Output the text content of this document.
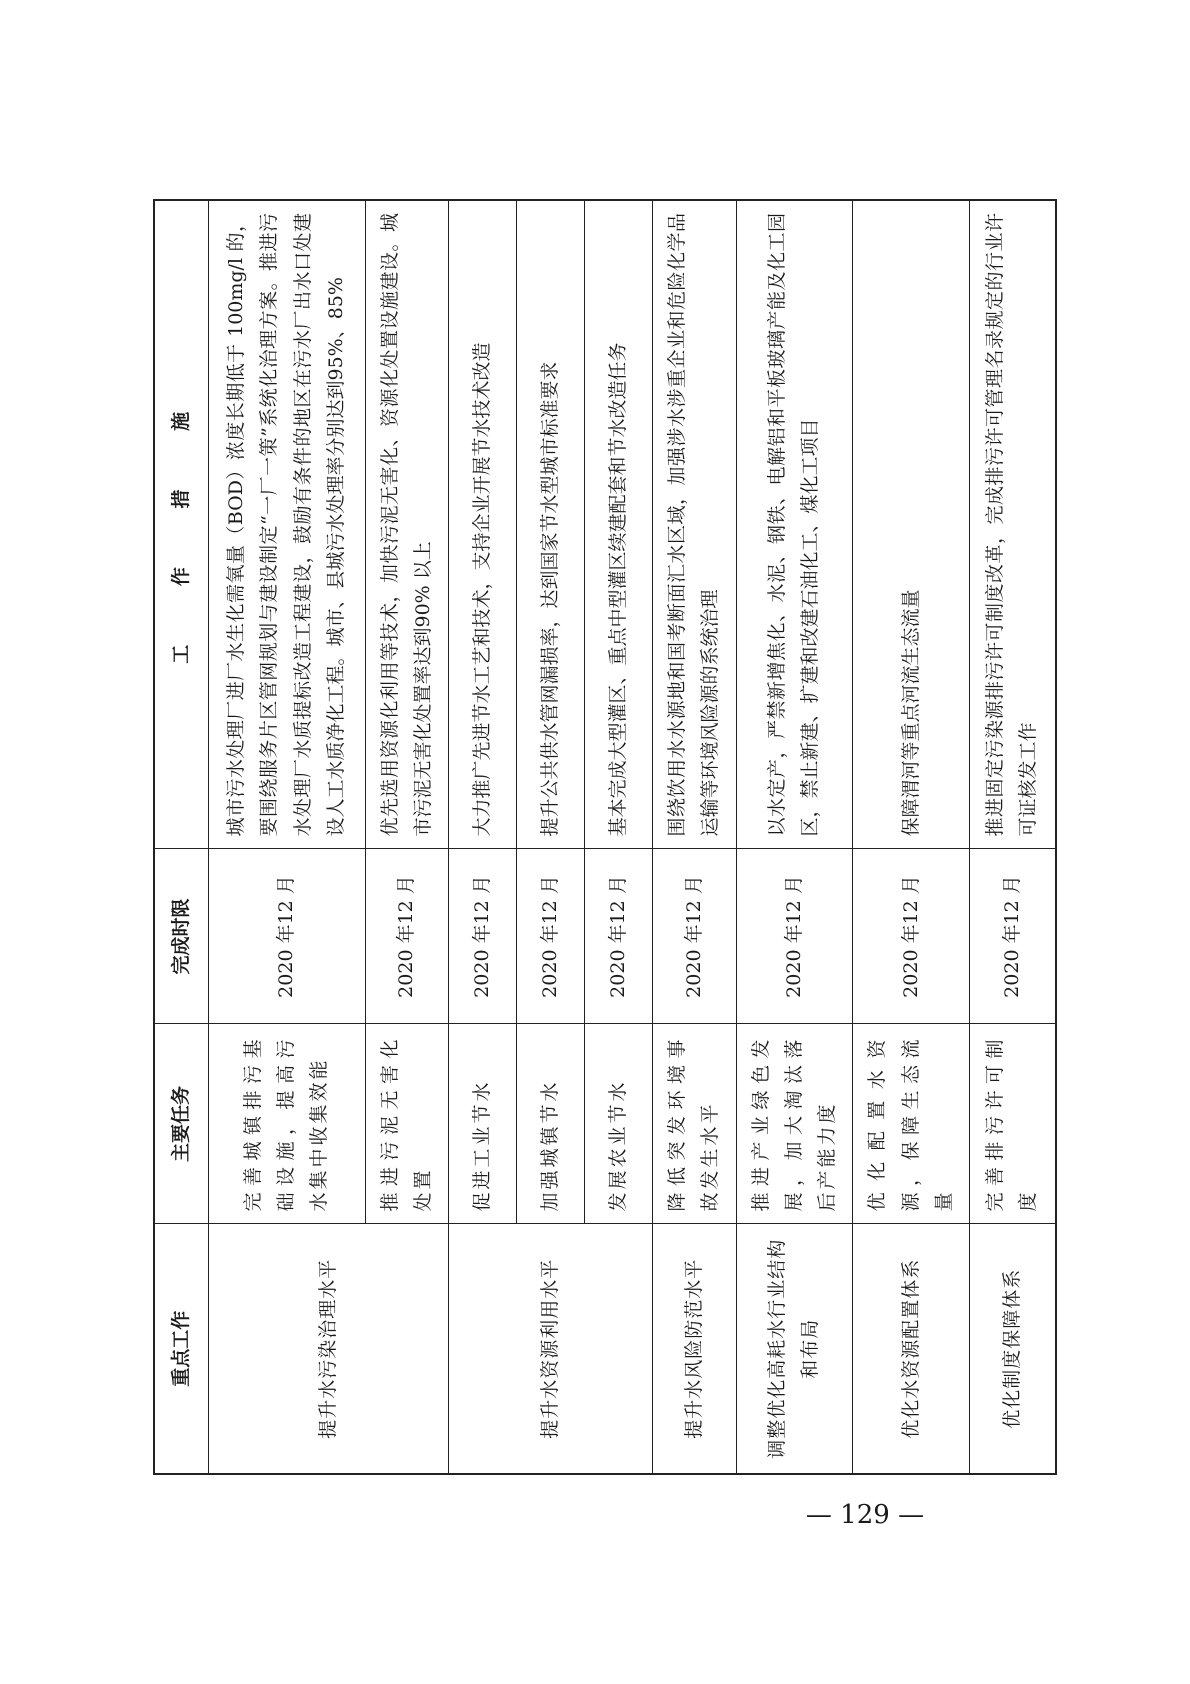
重点工作	主要任务	完成时限	工 作 措 施
提升水污染治理水平	完善城镇排污基础设施，提高污水集中收集效能	2020 年12 月	城市污水处理厂进厂水生化需氧量（BOD）浓度长期低于 100mg/l 的，要围绕服务片区管网规划与建设制定“一厂一策”系统化治理方案。推进污水处理厂水质提标改造工程建设，鼓励有条件的地区在污水厂出水口处建设人工水质净化工程。城市、县城污水处理率分别达到95%、85%
	推进污泥无害化处置	2020 年12 月	优先选用资源化利用等技术，加快污泥无害化、资源化处置设施建设。城市污泥无害化处置率达到90% 以上
提升水资源利用水平	促进工业节水	2020 年12 月	大力推广先进节水工艺和技术，支持企业开展节水技术改造
	加强城镇节水	2020 年12 月	提升公共供水管网漏损率，达到国家节水型城市标准要求
	发展农业节水	2020 年12 月	基本完成大型灌区、重点中型灌区续建配套和节水改造任务
提升水风险防范水平	降低突发环境事故发生水平	2020 年12 月	围绕饮用水水源地和国考断面汇水区域，加强涉水涉重企业和危险化学品运输等环境风险源的系统治理
调整优化高耗水行业结构和布局	推进产业绿色发展，加大淘汰落后产能力度	2020 年12 月	以水定产，严禁新增焦化、水泥、钢铁、电解铝和平板玻璃产能及化工园区，禁止新建、扩建和改建石油化工、煤化工项目
优化水资源配置体系	优化配置水资源，保障生态流量	2020 年12 月	保障渭河等重点河流生态流量
优化制度保障体系	完善排污许可制度	2020 年12 月	推进固定污染源排污许可制度改革，完成排污许可管理名录规定的行业许可证核发工作
— 129 —
